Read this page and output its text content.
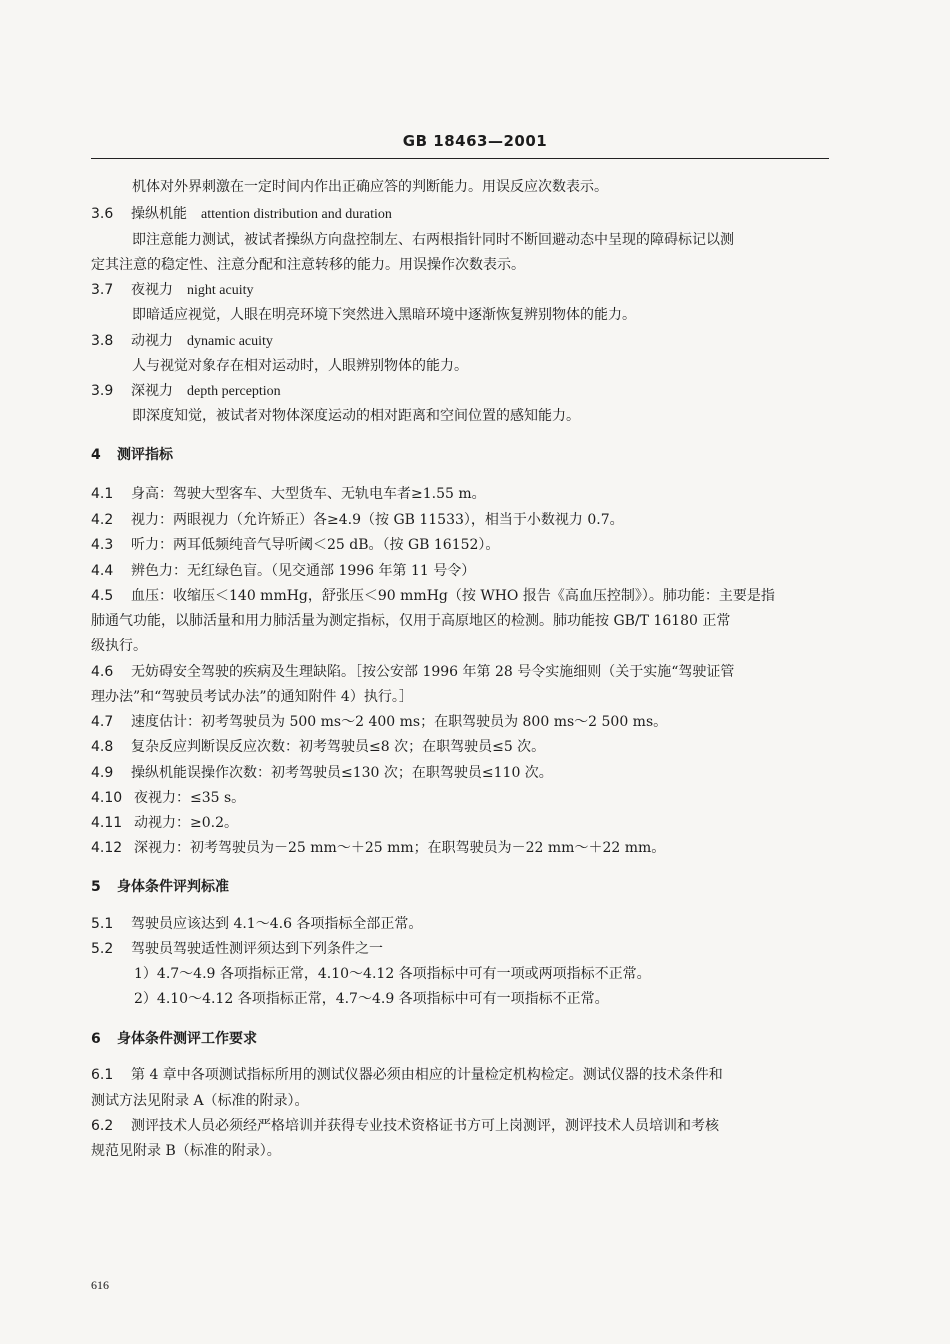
GB 18463—2001
机体对外界刺激在一定时间内作出正确应答的判断能力。用误反应次数表示。
3.6 操纵机能 attention distribution and duration
即注意能力测试，被试者操纵方向盘控制左、右两根指针同时不断回避动态中呈现的障碍标记以测
定其注意的稳定性、注意分配和注意转移的能力。用误操作次数表示。
3.7 夜视力 night acuity
即暗适应视觉，人眼在明亮环境下突然进入黑暗环境中逐渐恢复辨别物体的能力。
3.8 动视力 dynamic acuity
人与视觉对象存在相对运动时，人眼辨别物体的能力。
3.9 深视力 depth perception
即深度知觉，被试者对物体深度运动的相对距离和空间位置的感知能力。
4 测评指标
4.1 身高：驾驶大型客车、大型货车、无轨电车者≥1.55 m。
4.2 视力：两眼视力（允许矫正）各≥4.9（按 GB 11533），相当于小数视力 0.7。
4.3 听力：两耳低频纯音气导听阈＜25 dB。（按 GB 16152）。
4.4 辨色力：无红绿色盲。（见交通部 1996 年第 11 号令）
4.5 血压：收缩压＜140 mmHg，舒张压＜90 mmHg（按 WHO 报告《高血压控制》）。肺功能：主要是指
肺通气功能，以肺活量和用力肺活量为测定指标，仅用于高原地区的检测。肺功能按 GB/T 16180 正常
级执行。
4.6 无妨碍安全驾驶的疾病及生理缺陷。［按公安部 1996 年第 28 号令实施细则（关于实施“驾驶证管
理办法”和“驾驶员考试办法”的通知附件 4）执行。］
4.7 速度估计：初考驾驶员为 500 ms～2 400 ms；在职驾驶员为 800 ms～2 500 ms。
4.8 复杂反应判断误反应次数：初考驾驶员≤8 次；在职驾驶员≤5 次。
4.9 操纵机能误操作次数：初考驾驶员≤130 次；在职驾驶员≤110 次。
4.10 夜视力：≤35 s。
4.11 动视力：≥0.2。
4.12 深视力：初考驾驶员为－25 mm～＋25 mm；在职驾驶员为－22 mm～＋22 mm。
5 身体条件评判标准
5.1 驾驶员应该达到 4.1～4.6 各项指标全部正常。
5.2 驾驶员驾驶适性测评须达到下列条件之一
1）4.7～4.9 各项指标正常，4.10～4.12 各项指标中可有一项或两项指标不正常。
2）4.10～4.12 各项指标正常，4.7～4.9 各项指标中可有一项指标不正常。
6 身体条件测评工作要求
6.1 第 4 章中各项测试指标所用的测试仪器必须由相应的计量检定机构检定。测试仪器的技术条件和
测试方法见附录 A（标准的附录）。
6.2 测评技术人员必须经严格培训并获得专业技术资格证书方可上岗测评，测评技术人员培训和考核
规范见附录 B（标准的附录）。
616
